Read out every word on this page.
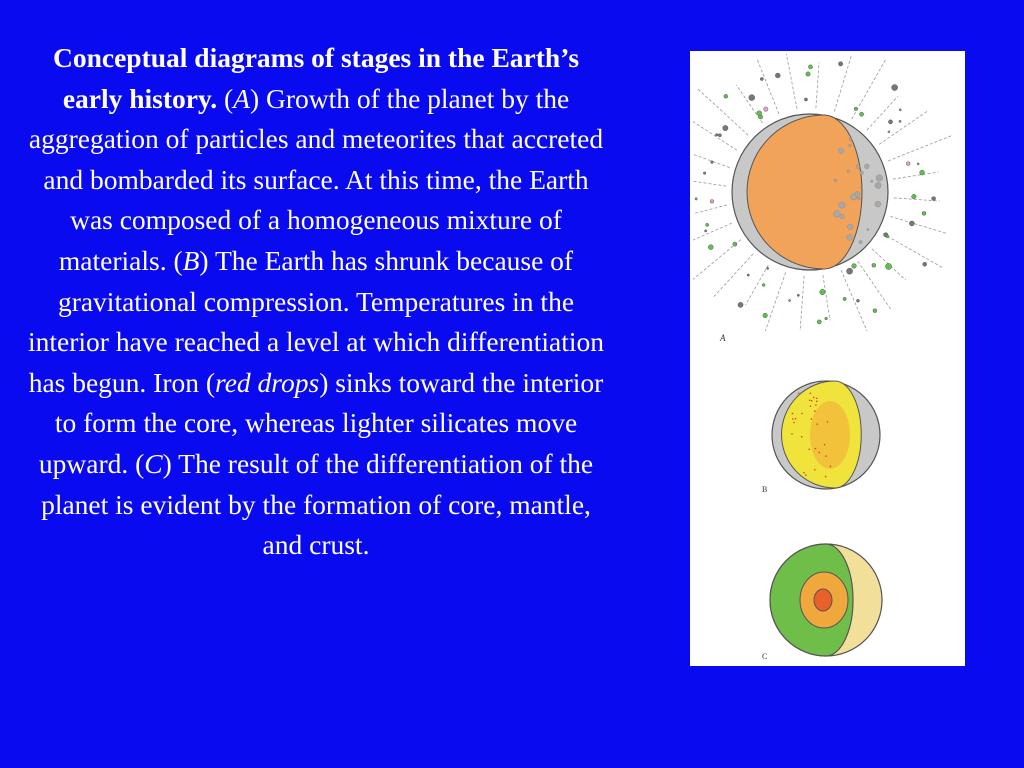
Conceptual diagrams of stages in the Earth’s early history. (A) Growth of the planet by the aggregation of particles and meteorites that accreted and bombarded its surface. At this time, the Earth was composed of a homogeneous mixture of materials. (B) The Earth has shrunk because of gravitational compression. Temperatures in the interior have reached a level at which differentiation has begun. Iron (red drops) sinks toward the interior to form the core, whereas lighter silicates move upward. (C) The result of the differentiation of the planet is evident by the formation of core, mantle, and crust.
A
B
C
